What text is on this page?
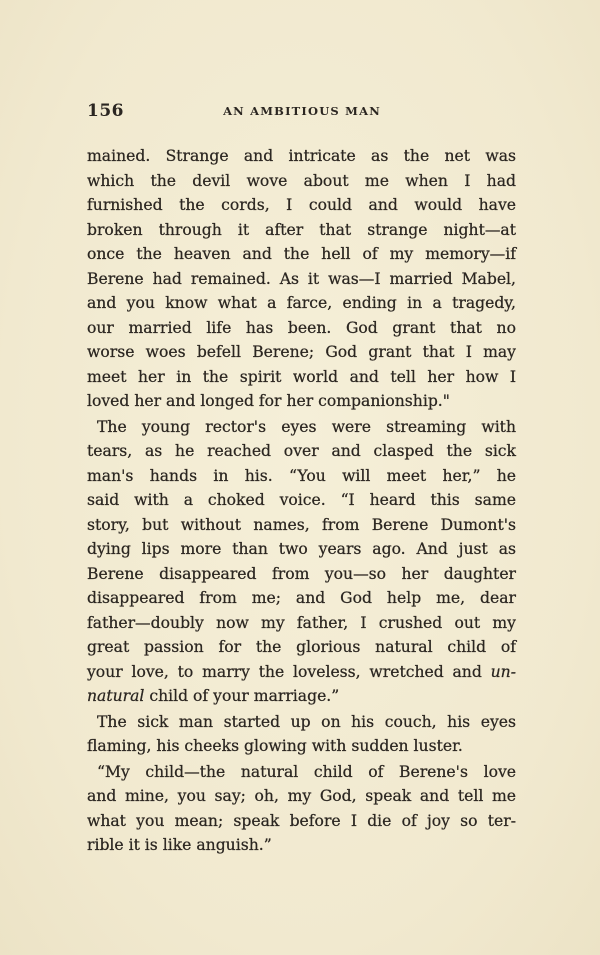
156	AN AMBITIOUS MAN
mained. Strange and intricate as the net was
which the devil wove about me when I had
furnished the cords, I could and would have
broken through it after that strange night—at
once the heaven and the hell of my memory—if
Berene had remained. As it was—I married Mabel,
and you know what a farce, ending in a tragedy,
our married life has been. God grant that no
worse woes befell Berene; God grant that I may
meet her in the spirit world and tell her how I
loved her and longed for her companionship."
The young rector's eyes were streaming with
tears, as he reached over and clasped the sick
man's hands in his. “You will meet her,” he
said with a choked voice. “I heard this same
story, but without names, from Berene Dumont's
dying lips more than two years ago. And just as
Berene disappeared from you—so her daughter
disappeared from me; and God help me, dear
father—doubly now my father, I crushed out my
great passion for the glorious natural child of
your love, to marry the loveless, wretched and un-
natural child of your marriage.”
The sick man started up on his couch, his eyes
flaming, his cheeks glowing with sudden luster.
“My child—the natural child of Berene's love
and mine, you say; oh, my God, speak and tell me
what you mean; speak before I die of joy so ter-
rible it is like anguish.”
